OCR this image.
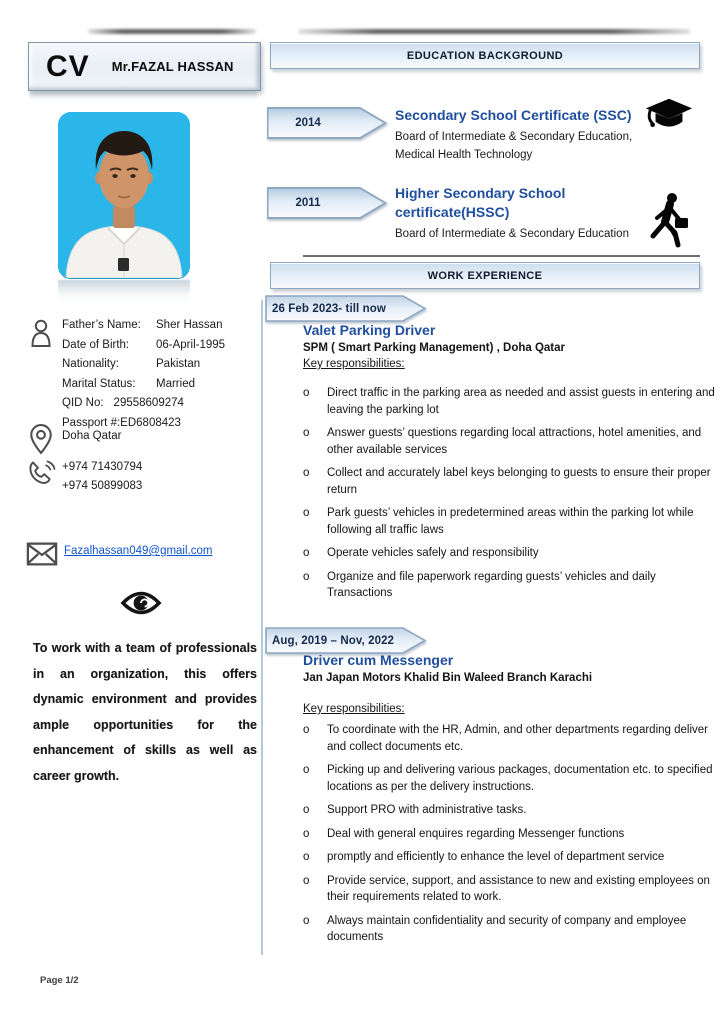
CV Mr.FAZAL HASSAN
Father’s Name:	Sher Hassan
Date of Birth:	06-April-1995
Nationality:	Pakistan
Marital Status:	Married
QID No: 29558609274
Passport #: ED6808423
Doha Qatar
+974 71430794
+974 50899083
Fazalhassan049@gmail.com
To work with a team of professionals in an organization, this offers dynamic environment and provides ample opportunities for the enhancement of skills as well as career growth.
Page 1/2
EDUCATION BACKGROUND
2014	Secondary School Certificate (SSC)
Board of Intermediate & Secondary Education,
Medical Health Technology
2011
Higher Secondary School certificate(HSSC)
Board of Intermediate & Secondary Education
WORK EXPERIENCE
26 Feb 2023- till now
Valet Parking Driver
SPM ( Smart Parking Management) , Doha Qatar
Key responsibilities:
o	Direct traffic in the parking area as needed and assist guests in entering and leaving the parking lot
o	Answer guests’ questions regarding local attractions, hotel amenities, and other available services
o	Collect and accurately label keys belonging to guests to ensure their proper return
o	Park guests’ vehicles in predetermined areas within the parking lot while following all traffic laws
o	Operate vehicles safely and responsibility
o	Organize and file paperwork regarding guests’ vehicles and daily Transactions
Aug, 2019 – Nov, 2022
Driver cum Messenger
Jan Japan Motors Khalid Bin Waleed Branch Karachi
Key responsibilities:
o	To coordinate with the HR, Admin, and other departments regarding deliver and collect documents etc.
o	Picking up and delivering various packages, documentation etc. to specified locations as per the delivery instructions.
o	Support PRO with administrative tasks.
o	Deal with general enquires regarding Messenger functions
o	promptly and efficiently to enhance the level of department service
o	Provide service, support, and assistance to new and existing employees on their requirements related to work.
o	Always maintain confidentiality and security of company and employee documents
